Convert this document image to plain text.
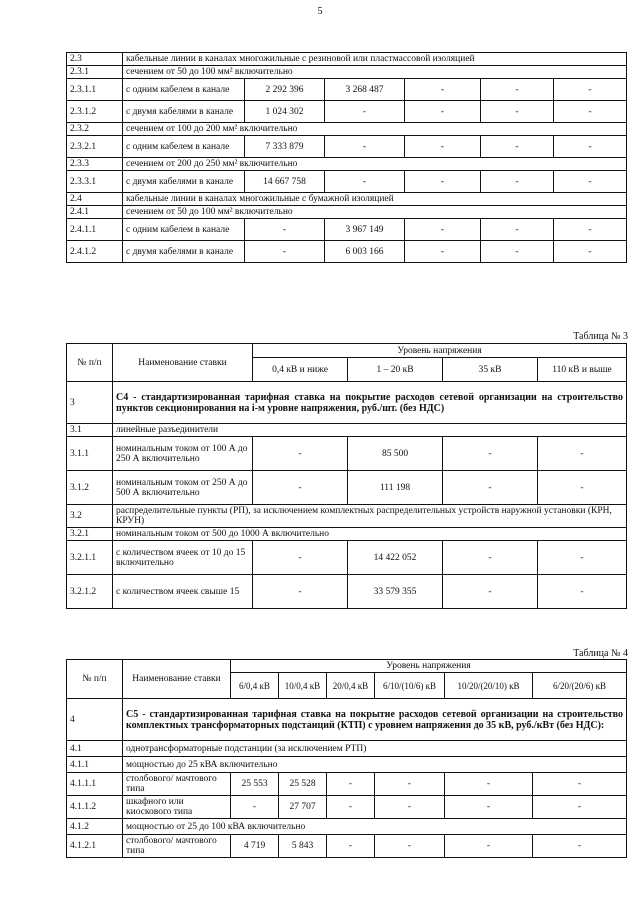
5
2.3	кабельные линии в каналах многожильные с резиновой или пластмассовой изоляцией					
2.3.1	сечением от 50 до 100 мм² включительно					
2.3.1.1	с одним кабелем в канале	2 292 396	3 268 487	-	-	-
2.3.1.2	с двумя кабелями в канале	1 024 302	-	-	-	-
2.3.2	сечением от 100 до 200 мм² включительно					
2.3.2.1	с одним кабелем в канале	7 333 879	-	-	-	-
2.3.3	сечением от 200 до 250 мм² включительно					
2.3.3.1	с двумя кабелями в канале	14 667 758	-	-	-	-
2.4	кабельные линии в каналах многожильные с бумажной изоляцией					
2.4.1	сечением от 50 до 100 мм² включительно					
2.4.1.1	с одним кабелем в канале	-	3 967 149	-	-	-
2.4.1.2	с двумя кабелями в канале	-	6 003 166	-	-	-
Таблица № 3
№ п/п	Наименование ставки	Уровень напряжения			
		0,4 кВ и ниже	1 – 20 кВ	35 кВ	110 кВ и выше
3	С4 - стандартизированная тарифная ставка на покрытие расходов сетевой организации на строительство пунктов секционирования на i-м уровне напряжения, руб./шт. (без НДС)				
3.1	линейные разъединители				
3.1.1	номинальным током от 100 А до 250 А включительно	-	85 500	-	-
3.1.2	номинальным током от 250 А до 500 А включительно	-	111 198	-	-
3.2	распределительные пункты (РП), за исключением комплектных распределительных устройств наружной установки (КРН, КРУН)				
3.2.1	номинальным током от 500 до 1000 А включительно				
3.2.1.1	с количеством ячеек от 10 до 15 включительно	-	14 422 052	-	-
3.2.1.2	с количеством ячеек свыше 15	-	33 579 355	-	-
Таблица № 4
№ п/п	Наименование ставки	Уровень напряжения					
		6/0,4 кВ	10/0,4 кВ	20/0,4 кВ	6/10/(10/6) кВ	10/20/(20/10) кВ	6/20/(20/6) кВ
4	С5 - стандартизированная тарифная ставка на покрытие расходов сетевой организации на строительство комплектных трансформаторных подстанций (КТП) с уровнем напряжения до 35 кВ, руб./кВт (без НДС):						
4.1	однотрансформаторные подстанции (за исключением РТП)						
4.1.1	мощностью до 25 кВА включительно						
4.1.1.1	столбового/ мачтового типа	25 553	25 528	-	-	-	-
4.1.1.2	шкафного или киоскового типа	-	27 707	-	-	-	-
4.1.2	мощностью от 25 до 100 кВА включительно						
4.1.2.1	столбового/ мачтового типа	4 719	5 843	-	-	-	-
